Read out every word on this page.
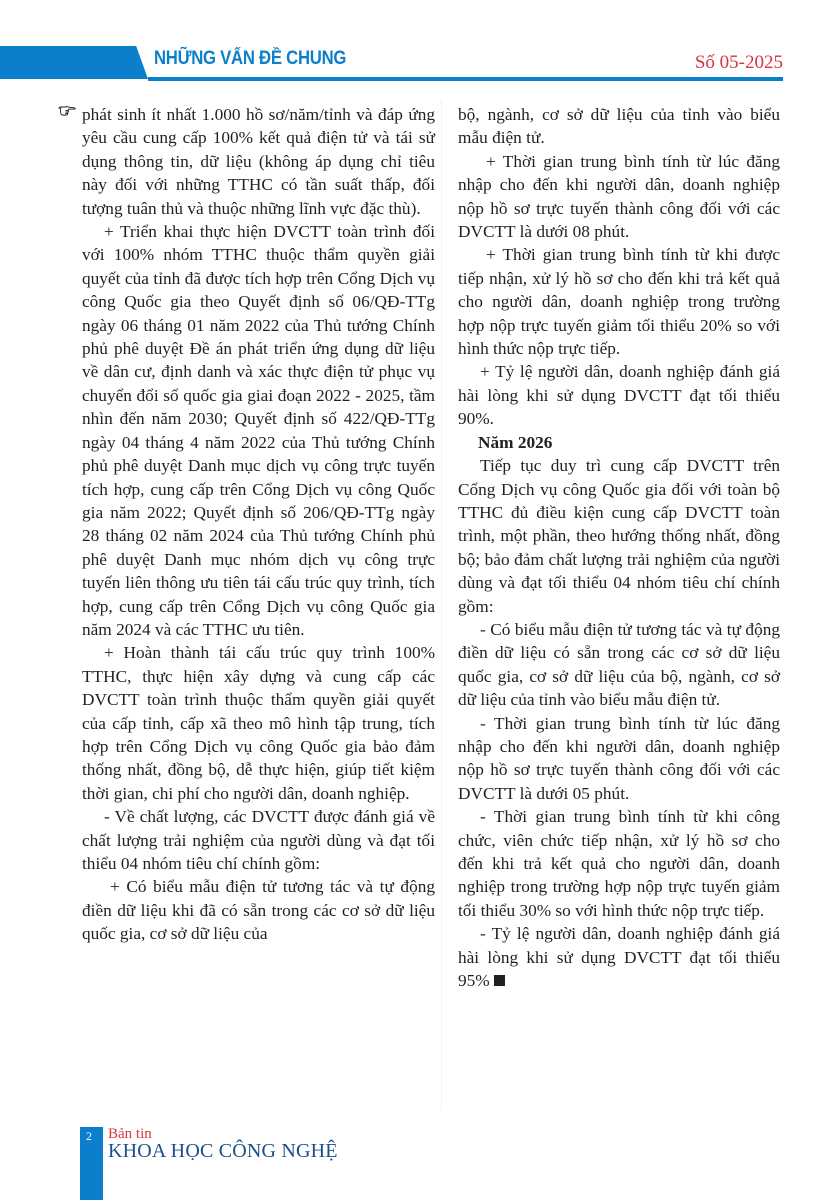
NHỮNG VẤN ĐỀ CHUNG	Số 05-2025

phát sinh ít nhất 1.000 hồ sơ/năm/tỉnh và đáp ứng yêu cầu cung cấp 100% kết quả điện tử và tái sử dụng thông tin, dữ liệu (không áp dụng chỉ tiêu này đối với những TTHC có tần suất thấp, đối tượng tuân thủ và thuộc những lĩnh vực đặc thù).

+ Triển khai thực hiện DVCTT toàn trình đối với 100% nhóm TTHC thuộc thẩm quyền giải quyết của tỉnh đã được tích hợp trên Cổng Dịch vụ công Quốc gia theo Quyết định số 06/QĐ-TTg ngày 06 tháng 01 năm 2022 của Thủ tướng Chính phủ phê duyệt Đề án phát triển ứng dụng dữ liệu về dân cư, định danh và xác thực điện tử phục vụ chuyển đổi số quốc gia giai đoạn 2022 - 2025, tầm nhìn đến năm 2030; Quyết định số 422/QĐ-TTg ngày 04 tháng 4 năm 2022 của Thủ tướng Chính phủ phê duyệt Danh mục dịch vụ công trực tuyến tích hợp, cung cấp trên Cổng Dịch vụ công Quốc gia năm 2022; Quyết định số 206/QĐ-TTg ngày 28 tháng 02 năm 2024 của Thủ tướng Chính phủ phê duyệt Danh mục nhóm dịch vụ công trực tuyến liên thông ưu tiên tái cấu trúc quy trình, tích hợp, cung cấp trên Cổng Dịch vụ công Quốc gia năm 2024 và các TTHC ưu tiên.

+ Hoàn thành tái cấu trúc quy trình 100% TTHC, thực hiện xây dựng và cung cấp các DVCTT toàn trình thuộc thẩm quyền giải quyết của cấp tỉnh, cấp xã theo mô hình tập trung, tích hợp trên Cổng Dịch vụ công Quốc gia bảo đảm thống nhất, đồng bộ, dễ thực hiện, giúp tiết kiệm thời gian, chi phí cho người dân, doanh nghiệp.

- Về chất lượng, các DVCTT được đánh giá về chất lượng trải nghiệm của người dùng và đạt tối thiểu 04 nhóm tiêu chí chính gồm:

+ Có biểu mẫu điện tử tương tác và tự động điền dữ liệu khi đã có sẵn trong các cơ sở dữ liệu quốc gia, cơ sở dữ liệu của

bộ, ngành, cơ sở dữ liệu của tỉnh vào biểu mẫu điện tử.

+ Thời gian trung bình tính từ lúc đăng nhập cho đến khi người dân, doanh nghiệp nộp hồ sơ trực tuyến thành công đối với các DVCTT là dưới 08 phút.

+ Thời gian trung bình tính từ khi được tiếp nhận, xử lý hồ sơ cho đến khi trả kết quả cho người dân, doanh nghiệp trong trường hợp nộp trực tuyến giảm tối thiểu 20% so với hình thức nộp trực tiếp.

+ Tỷ lệ người dân, doanh nghiệp đánh giá hài lòng khi sử dụng DVCTT đạt tối thiểu 90%.

Năm 2026

Tiếp tục duy trì cung cấp DVCTT trên Cổng Dịch vụ công Quốc gia đối với toàn bộ TTHC đủ điều kiện cung cấp DVCTT toàn trình, một phần, theo hướng thống nhất, đồng bộ; bảo đảm chất lượng trải nghiệm của người dùng và đạt tối thiểu 04 nhóm tiêu chí chính gồm:

- Có biểu mẫu điện tử tương tác và tự động điền dữ liệu có sẵn trong các cơ sở dữ liệu quốc gia, cơ sở dữ liệu của bộ, ngành, cơ sở dữ liệu của tỉnh vào biểu mẫu điện tử.

- Thời gian trung bình tính từ lúc đăng nhập cho đến khi người dân, doanh nghiệp nộp hồ sơ trực tuyến thành công đối với các DVCTT là dưới 05 phút.

- Thời gian trung bình tính từ khi công chức, viên chức tiếp nhận, xử lý hồ sơ cho đến khi trả kết quả cho người dân, doanh nghiệp trong trường hợp nộp trực tuyến giảm tối thiểu 30% so với hình thức nộp trực tiếp.

- Tỷ lệ người dân, doanh nghiệp đánh giá hài lòng khi sử dụng DVCTT đạt tối thiểu 95%

2 Bản tin
KHOA HỌC CÔNG NGHỆ
